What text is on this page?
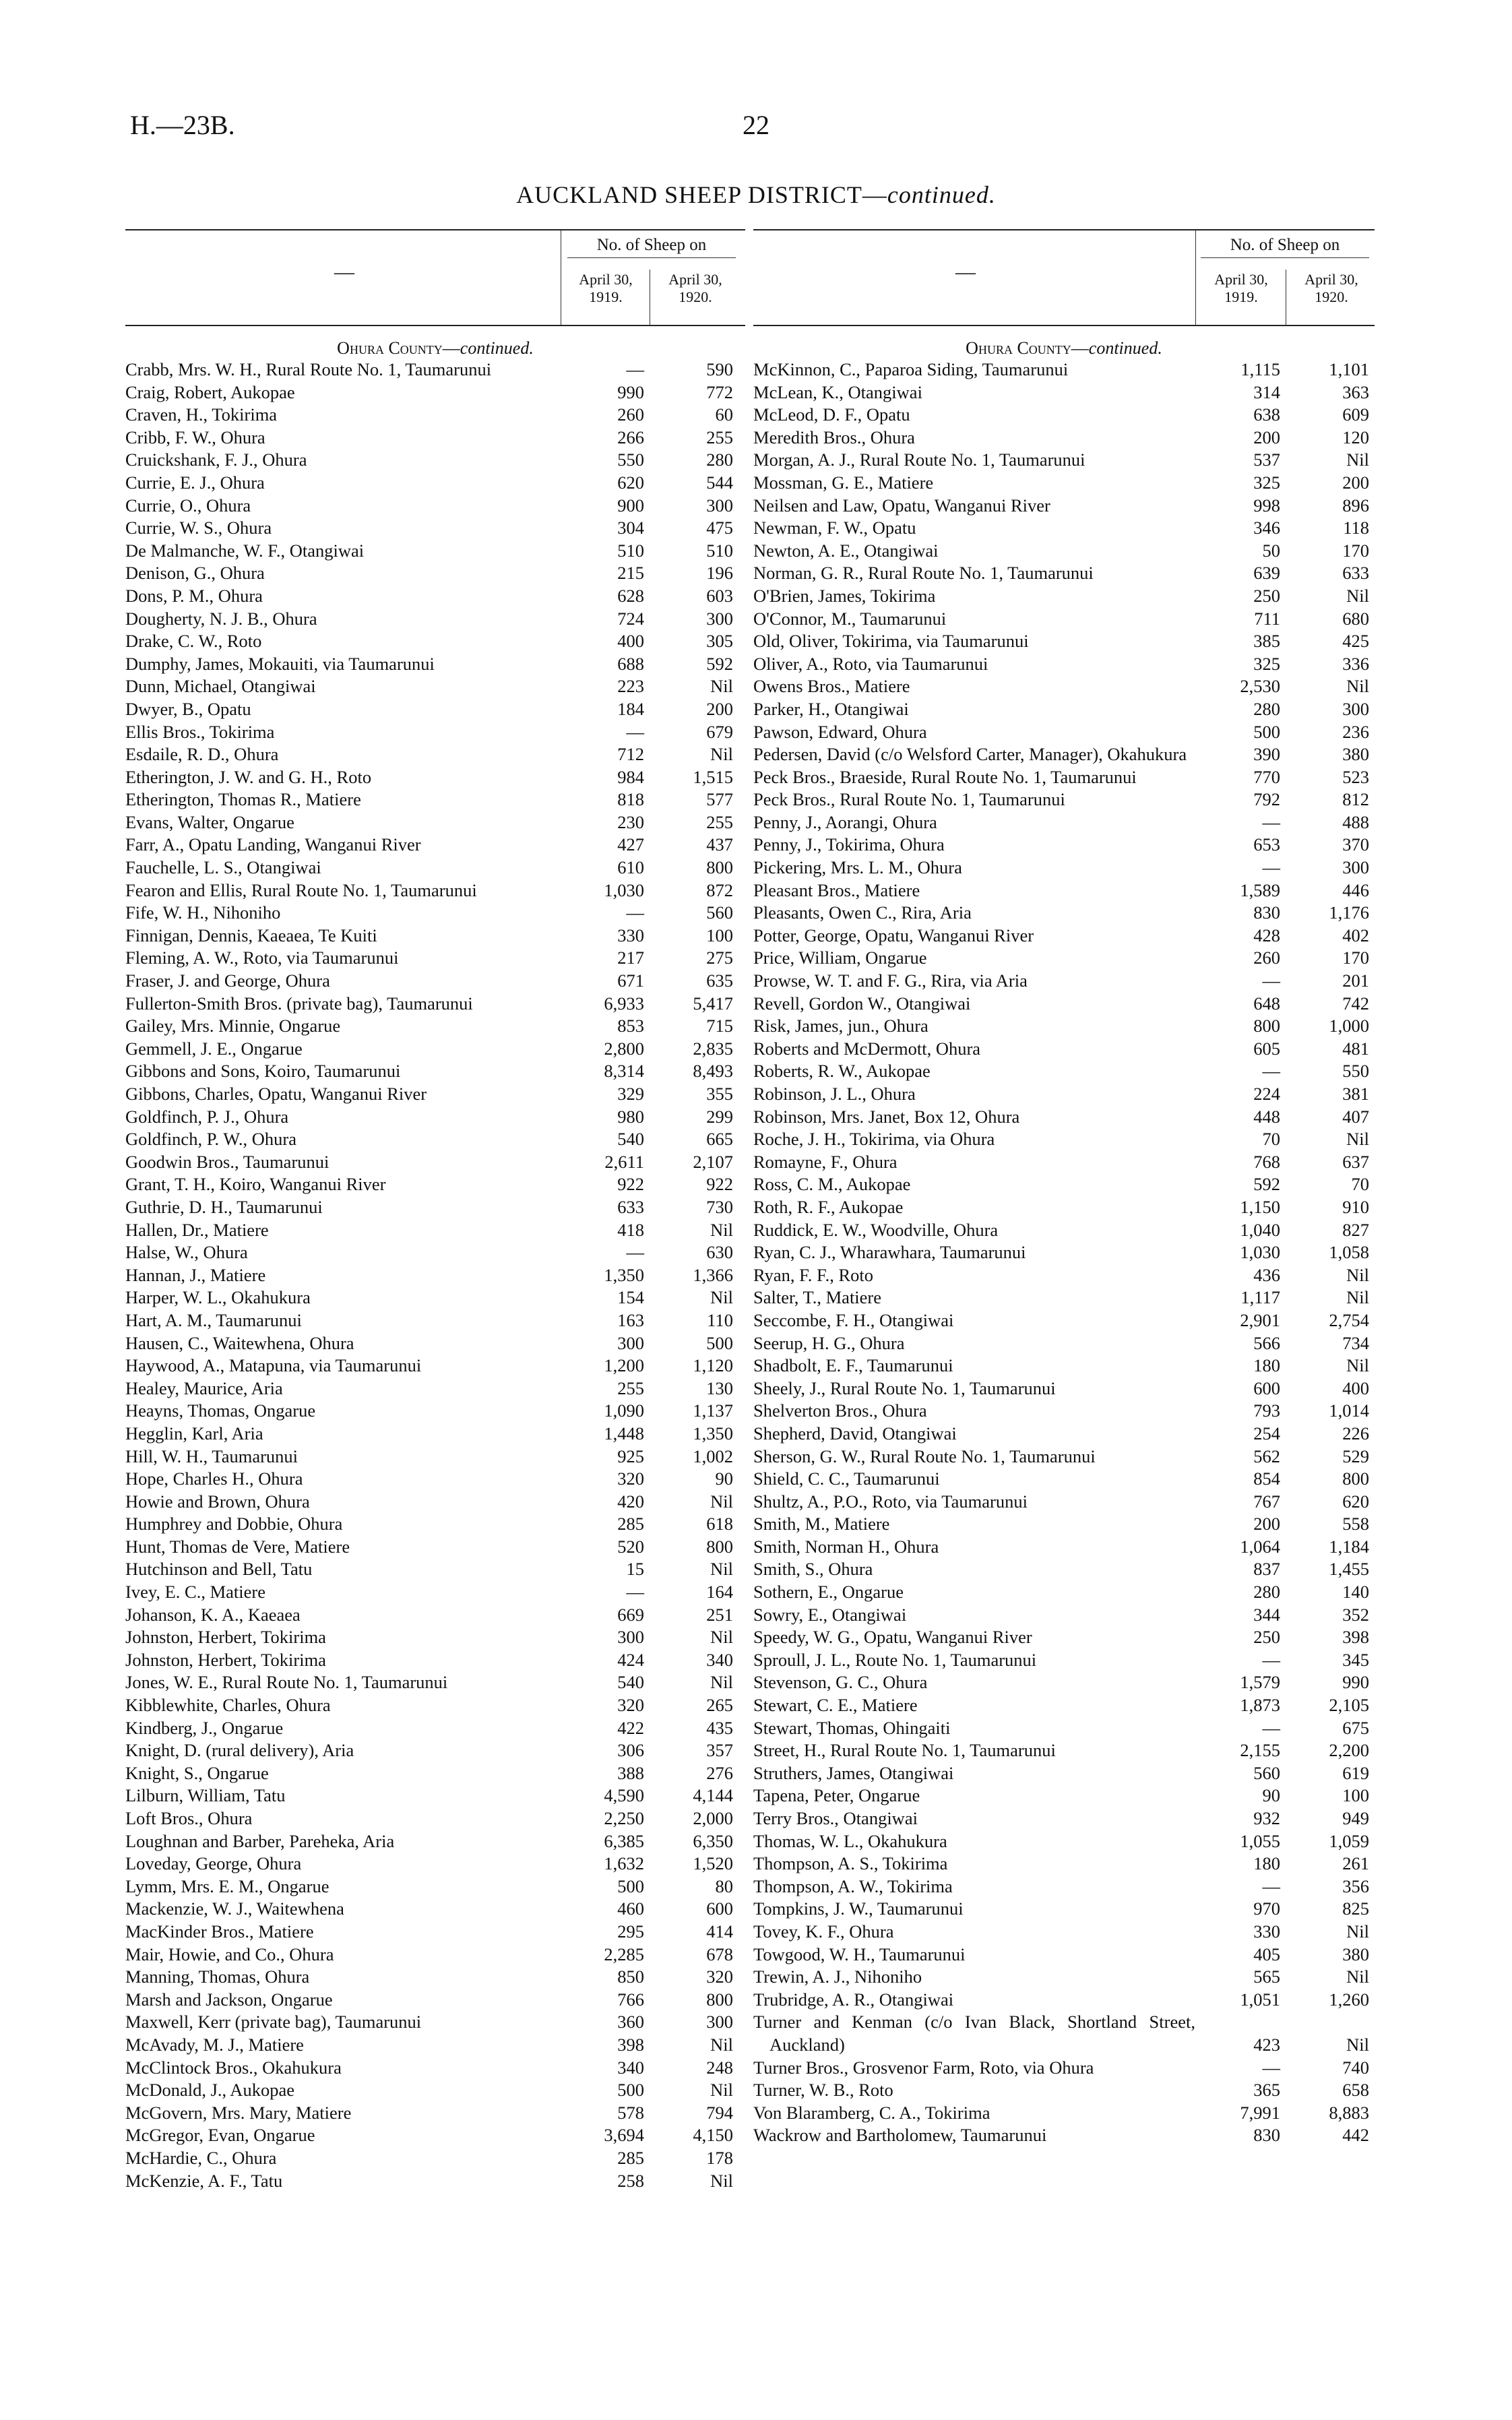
H.—23B.	22
AUCKLAND SHEEP DISTRICT—continued.
—
No. of Sheep on
April 30,
1919.
April 30,
1920.
Ohura County—continued.
Crabb, Mrs. W. H., Rural Route No. 1, Taumarunui	—	590
Craig, Robert, Aukopae	990	772
Craven, H., Tokirima	260	60
Cribb, F. W., Ohura	266	255
Cruickshank, F. J., Ohura	550	280
Currie, E. J., Ohura	620	544
Currie, O., Ohura	900	300
Currie, W. S., Ohura	304	475
De Malmanche, W. F., Otangiwai	510	510
Denison, G., Ohura	215	196
Dons, P. M., Ohura	628	603
Dougherty, N. J. B., Ohura	724	300
Drake, C. W., Roto	400	305
Dumphy, James, Mokauiti, via Taumarunui	688	592
Dunn, Michael, Otangiwai	223	Nil
Dwyer, B., Opatu	184	200
Ellis Bros., Tokirima	—	679
Esdaile, R. D., Ohura	712	Nil
Etherington, J. W. and G. H., Roto	984	1,515
Etherington, Thomas R., Matiere	818	577
Evans, Walter, Ongarue	230	255
Farr, A., Opatu Landing, Wanganui River	427	437
Fauchelle, L. S., Otangiwai	610	800
Fearon and Ellis, Rural Route No. 1, Taumarunui	1,030	872
Fife, W. H., Nihoniho	—	560
Finnigan, Dennis, Kaeaea, Te Kuiti	330	100
Fleming, A. W., Roto, via Taumarunui	217	275
Fraser, J. and George, Ohura	671	635
Fullerton-Smith Bros. (private bag), Taumarunui	6,933	5,417
Gailey, Mrs. Minnie, Ongarue	853	715
Gemmell, J. E., Ongarue	2,800	2,835
Gibbons and Sons, Koiro, Taumarunui	8,314	8,493
Gibbons, Charles, Opatu, Wanganui River	329	355
Goldfinch, P. J., Ohura	980	299
Goldfinch, P. W., Ohura	540	665
Goodwin Bros., Taumarunui	2,611	2,107
Grant, T. H., Koiro, Wanganui River	922	922
Guthrie, D. H., Taumarunui	633	730
Hallen, Dr., Matiere	418	Nil
Halse, W., Ohura	—	630
Hannan, J., Matiere	1,350	1,366
Harper, W. L., Okahukura	154	Nil
Hart, A. M., Taumarunui	163	110
Hausen, C., Waitewhena, Ohura	300	500
Haywood, A., Matapuna, via Taumarunui	1,200	1,120
Healey, Maurice, Aria	255	130
Heayns, Thomas, Ongarue	1,090	1,137
Hegglin, Karl, Aria	1,448	1,350
Hill, W. H., Taumarunui	925	1,002
Hope, Charles H., Ohura	320	90
Howie and Brown, Ohura	420	Nil
Humphrey and Dobbie, Ohura	285	618
Hunt, Thomas de Vere, Matiere	520	800
Hutchinson and Bell, Tatu	15	Nil
Ivey, E. C., Matiere	—	164
Johanson, K. A., Kaeaea	669	251
Johnston, Herbert, Tokirima	300	Nil
Johnston, Herbert, Tokirima	424	340
Jones, W. E., Rural Route No. 1, Taumarunui	540	Nil
Kibblewhite, Charles, Ohura	320	265
Kindberg, J., Ongarue	422	435
Knight, D. (rural delivery), Aria	306	357
Knight, S., Ongarue	388	276
Lilburn, William, Tatu	4,590	4,144
Loft Bros., Ohura	2,250	2,000
Loughnan and Barber, Pareheka, Aria	6,385	6,350
Loveday, George, Ohura	1,632	1,520
Lymm, Mrs. E. M., Ongarue	500	80
Mackenzie, W. J., Waitewhena	460	600
MacKinder Bros., Matiere	295	414
Mair, Howie, and Co., Ohura	2,285	678
Manning, Thomas, Ohura	850	320
Marsh and Jackson, Ongarue	766	800
Maxwell, Kerr (private bag), Taumarunui	360	300
McAvady, M. J., Matiere	398	Nil
McClintock Bros., Okahukura	340	248
McDonald, J., Aukopae	500	Nil
McGovern, Mrs. Mary, Matiere	578	794
McGregor, Evan, Ongarue	3,694	4,150
McHardie, C., Ohura	285	178
McKenzie, A. F., Tatu	258	Nil
—
No. of Sheep on
April 30,
1919.
April 30,
1920.
Ohura County—continued.
McKinnon, C., Paparoa Siding, Taumarunui	1,115	1,101
McLean, K., Otangiwai	314	363
McLeod, D. F., Opatu	638	609
Meredith Bros., Ohura	200	120
Morgan, A. J., Rural Route No. 1, Taumarunui	537	Nil
Mossman, G. E., Matiere	325	200
Neilsen and Law, Opatu, Wanganui River	998	896
Newman, F. W., Opatu	346	118
Newton, A. E., Otangiwai	50	170
Norman, G. R., Rural Route No. 1, Taumarunui	639	633
O'Brien, James, Tokirima	250	Nil
O'Connor, M., Taumarunui	711	680
Old, Oliver, Tokirima, via Taumarunui	385	425
Oliver, A., Roto, via Taumarunui	325	336
Owens Bros., Matiere	2,530	Nil
Parker, H., Otangiwai	280	300
Pawson, Edward, Ohura	500	236
Pedersen, David (c/o Welsford Carter, Manager), Okahukura	390	380
Peck Bros., Braeside, Rural Route No. 1, Taumarunui	770	523
Peck Bros., Rural Route No. 1, Taumarunui	792	812
Penny, J., Aorangi, Ohura	—	488
Penny, J., Tokirima, Ohura	653	370
Pickering, Mrs. L. M., Ohura	—	300
Pleasant Bros., Matiere	1,589	446
Pleasants, Owen C., Rira, Aria	830	1,176
Potter, George, Opatu, Wanganui River	428	402
Price, William, Ongarue	260	170
Prowse, W. T. and F. G., Rira, via Aria	—	201
Revell, Gordon W., Otangiwai	648	742
Risk, James, jun., Ohura	800	1,000
Roberts and McDermott, Ohura	605	481
Roberts, R. W., Aukopae	—	550
Robinson, J. L., Ohura	224	381
Robinson, Mrs. Janet, Box 12, Ohura	448	407
Roche, J. H., Tokirima, via Ohura	70	Nil
Romayne, F., Ohura	768	637
Ross, C. M., Aukopae	592	70
Roth, R. F., Aukopae	1,150	910
Ruddick, E. W., Woodville, Ohura	1,040	827
Ryan, C. J., Wharawhara, Taumarunui	1,030	1,058
Ryan, F. F., Roto	436	Nil
Salter, T., Matiere	1,117	Nil
Seccombe, F. H., Otangiwai	2,901	2,754
Seerup, H. G., Ohura	566	734
Shadbolt, E. F., Taumarunui	180	Nil
Sheely, J., Rural Route No. 1, Taumarunui	600	400
Shelverton Bros., Ohura	793	1,014
Shepherd, David, Otangiwai	254	226
Sherson, G. W., Rural Route No. 1, Taumarunui	562	529
Shield, C. C., Taumarunui	854	800
Shultz, A., P.O., Roto, via Taumarunui	767	620
Smith, M., Matiere	200	558
Smith, Norman H., Ohura	1,064	1,184
Smith, S., Ohura	837	1,455
Sothern, E., Ongarue	280	140
Sowry, E., Otangiwai	344	352
Speedy, W. G., Opatu, Wanganui River	250	398
Sproull, J. L., Route No. 1, Taumarunui	—	345
Stevenson, G. C., Ohura	1,579	990
Stewart, C. E., Matiere	1,873	2,105
Stewart, Thomas, Ohingaiti	—	675
Street, H., Rural Route No. 1, Taumarunui	2,155	2,200
Struthers, James, Otangiwai	560	619
Tapena, Peter, Ongarue	90	100
Terry Bros., Otangiwai	932	949
Thomas, W. L., Okahukura	1,055	1,059
Thompson, A. S., Tokirima	180	261
Thompson, A. W., Tokirima	—	356
Tompkins, J. W., Taumarunui	970	825
Tovey, K. F., Ohura	330	Nil
Towgood, W. H., Taumarunui	405	380
Trewin, A. J., Nihoniho	565	Nil
Trubridge, A. R., Otangiwai	1,051	1,260
Turner and Kenman (c/o Ivan Black, Shortland Street, Auckland)	423	Nil
Turner Bros., Grosvenor Farm, Roto, via Ohura	—	740
Turner, W. B., Roto	365	658
Von Blaramberg, C. A., Tokirima	7,991	8,883
Wackrow and Bartholomew, Taumarunui	830	442
